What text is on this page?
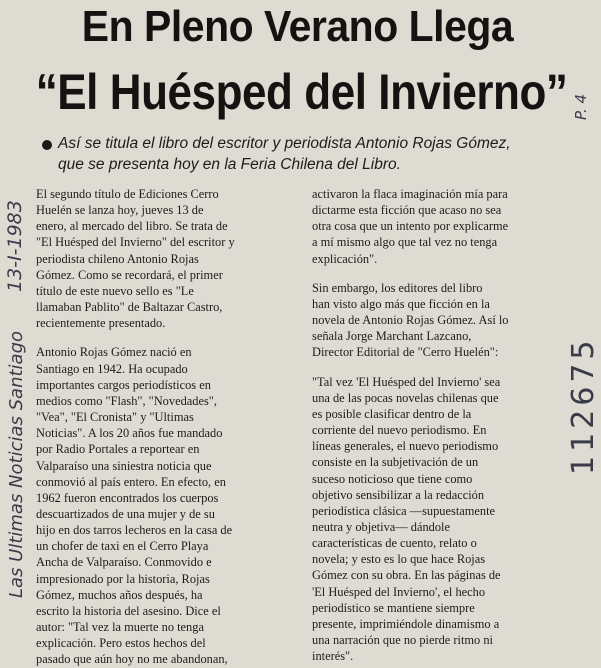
En Pleno Verano Llega
“El Huésped del Invierno”
Así se titula el libro del escritor y periodista Antonio Rojas Gómez,
que se presenta hoy en la Feria Chilena del Libro.
El segundo título de Ediciones Cerro
Huelén se lanza hoy, jueves 13 de
enero, al mercado del libro. Se trata de
"El Huésped del Invierno" del escritor y
periodista chileno Antonio Rojas
Gómez. Como se recordará, el primer
título de este nuevo sello es "Le
llamaban Pablito" de Baltazar Castro,
recientemente presentado.
Antonio Rojas Gómez nació en
Santiago en 1942. Ha ocupado
importantes cargos periodísticos en
medios como "Flash", "Novedades",
"Vea", "El Cronista" y "Ultimas
Noticias". A los 20 años fue mandado
por Radio Portales a reportear en
Valparaíso una siniestra noticia que
conmovió al país entero. En efecto, en
1962 fueron encontrados los cuerpos
descuartizados de una mujer y de su
hijo en dos tarros lecheros en la casa de
un chofer de taxi en el Cerro Playa
Ancha de Valparaíso. Conmovido e
impresionado por la historia, Rojas
Gómez, muchos años después, ha
escrito la historia del asesino. Dice el
autor: "Tal vez la muerte no tenga
explicación. Pero estos hechos del
pasado que aún hoy no me abandonan,
activaron la flaca imaginación mía para
dictarme esta ficción que acaso no sea
otra cosa que un intento por explicarme
a mí mismo algo que tal vez no tenga
explicación".
Sin embargo, los editores del libro
han visto algo más que ficción en la
novela de Antonio Rojas Gómez. Así lo
señala Jorge Marchant Lazcano,
Director Editorial de "Cerro Huelén":
"Tal vez 'El Huésped del Invierno' sea
una de las pocas novelas chilenas que
es posible clasificar dentro de la
corriente del nuevo periodismo. En
líneas generales, el nuevo periodismo
consiste en la subjetivación de un
suceso noticioso que tiene como
objetivo sensibilizar a la redacción
periodística clásica —supuestamente
neutra y objetiva— dándole
características de cuento, relato o
novela; y esto es lo que hace Rojas
Gómez con su obra. En las páginas de
'El Huésped del Invierno', el hecho
periodístico se mantiene siempre
presente, imprimiéndole dinamismo a
una narración que no pierde ritmo ni
interés".
13-I-1983
P. 4
Las Ultimas Noticias Santiago	112675
